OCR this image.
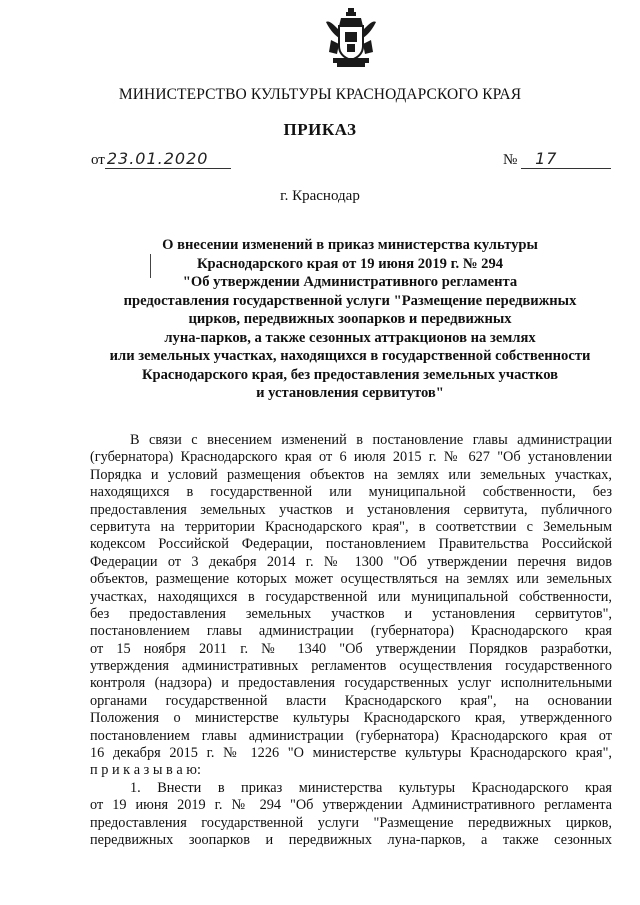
МИНИСТЕРСТВО КУЛЬТУРЫ КРАСНОДАРСКОГО КРАЯ
ПРИКАЗ
от 23.01.2020	№ 17
г. Краснодар
О внесении изменений в приказ министерства культуры
Краснодарского края от 19 июня 2019 г. № 294
"Об утверждении Административного регламента
предоставления государственной услуги "Размещение передвижных
цирков, передвижных зоопарков и передвижных
луна-парков, а также сезонных аттракционов на землях
или земельных участках, находящихся в государственной собственности
Краснодарского края, без предоставления земельных участков
и установления сервитутов"
В связи с внесением изменений в постановление главы администрации
(губернатора) Краснодарского края от 6 июля 2015 г. № 627 "Об установлении
Порядка и условий размещения объектов на землях или земельных участках,
находящихся в государственной или муниципальной собственности, без
предоставления земельных участков и установления сервитута, публичного
сервитута на территории Краснодарского края", в соответствии с Земельным
кодексом Российской Федерации, постановлением Правительства Российской
Федерации от 3 декабря 2014 г. № 1300 "Об утверждении перечня видов
объектов, размещение которых может осуществляться на землях или земельных
участках, находящихся в государственной или муниципальной собственности,
без предоставления земельных участков и установления сервитутов",
постановлением главы администрации (губернатора) Краснодарского края
от 15 ноября 2011 г. № 1340 "Об утверждении Порядков разработки,
утверждения административных регламентов осуществления государственного
контроля (надзора) и предоставления государственных услуг исполнительными
органами государственной власти Краснодарского края", на основании
Положения о министерстве культуры Краснодарского края, утвержденного
постановлением главы администрации (губернатора) Краснодарского края от
16 декабря 2015 г. № 1226 "О министерстве культуры Краснодарского края",
п р и к а з ы в а ю:
1. Внести в приказ министерства культуры Краснодарского края
от 19 июня 2019 г. № 294 "Об утверждении Административного регламента
предоставления государственной услуги "Размещение передвижных цирков,
передвижных зоопарков и передвижных луна-парков, а также сезонных
